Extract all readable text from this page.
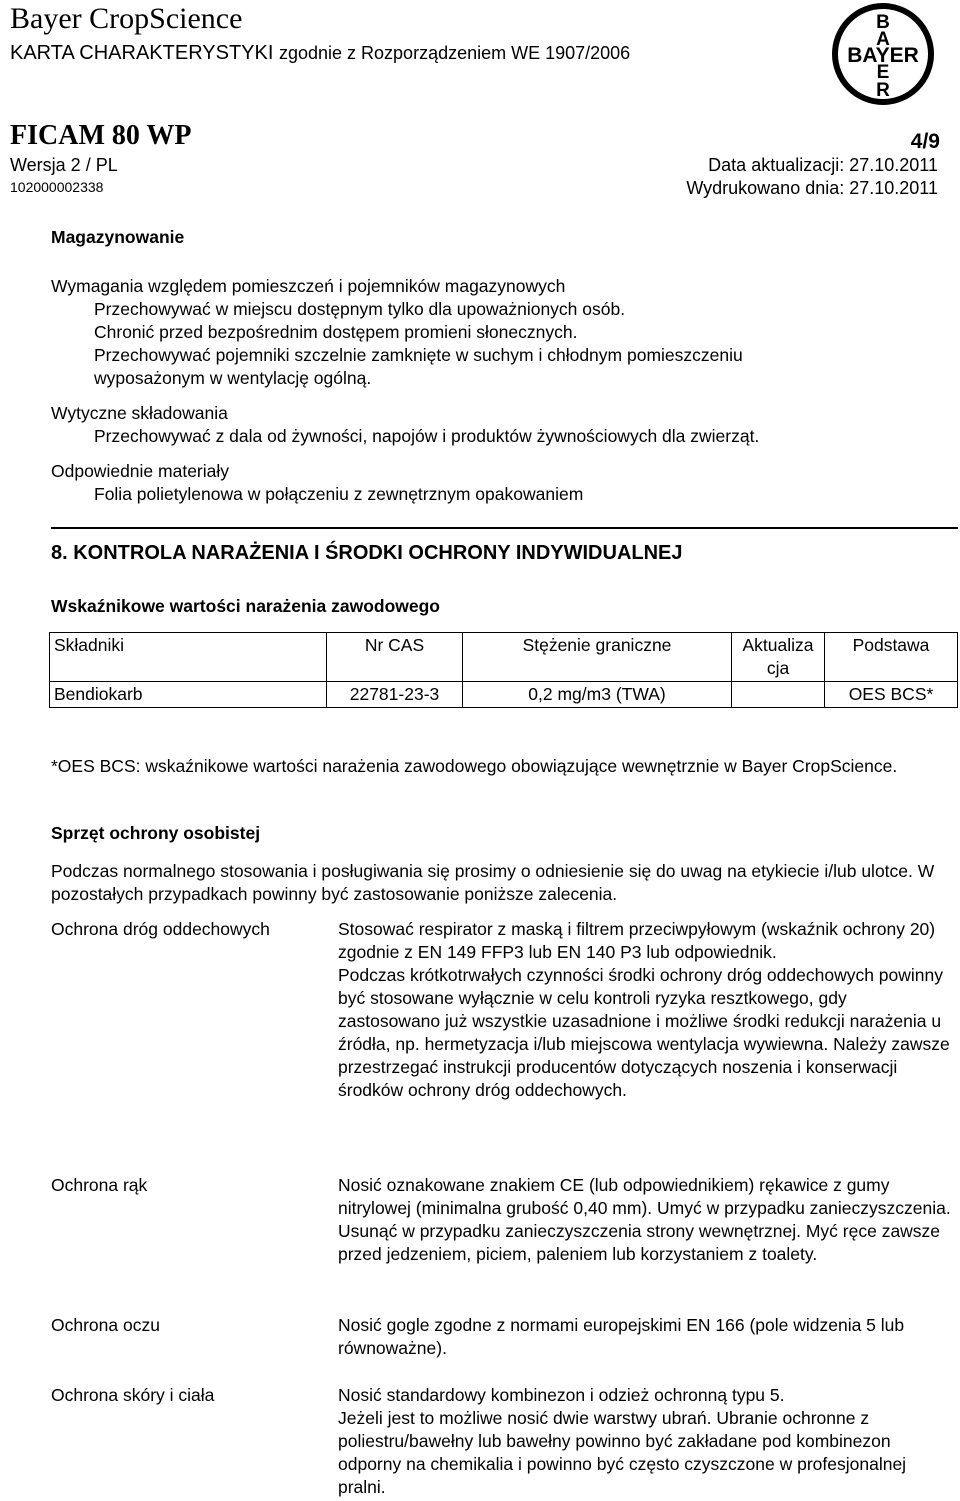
Bayer CropScience
KARTA CHARAKTERYSTYKI zgodnie z Rozporządzeniem WE 1907/2006
FICAM 80 WP
Wersja 2 / PL
102000002338
4/9
Data aktualizacji: 27.10.2011
Wydrukowano dnia: 27.10.2011
B
A
E
R
BAYER
Magazynowanie
Wymagania względem pomieszczeń i pojemników magazynowych
Przechowywać w miejscu dostępnym tylko dla upoważnionych osób.
Chronić przed bezpośrednim dostępem promieni słonecznych.
Przechowywać pojemniki szczelnie zamknięte w suchym i chłodnym pomieszczeniu
wyposażonym w wentylację ogólną.
Wytyczne składowania
Przechowywać z dala od żywności, napojów i produktów żywnościowych dla zwierząt.
Odpowiednie materiały
Folia polietylenowa w połączeniu z zewnętrznym opakowaniem
8. KONTROLA NARAŻENIA I ŚRODKI OCHRONY INDYWIDUALNEJ
Wskaźnikowe wartości narażenia zawodowego
Składniki	Nr CAS	Stężenie graniczne	Aktualiza cja	Podstawa
Bendiokarb	22781-23-3	0,2 mg/m3 (TWA)		OES BCS*
*OES BCS: wskaźnikowe wartości narażenia zawodowego obowiązujące wewnętrznie w Bayer CropScience.
Sprzęt ochrony osobistej
Podczas normalnego stosowania i posługiwania się prosimy o odniesienie się do uwag na etykiecie i/lub ulotce. W pozostałych przypadkach powinny być zastosowanie poniższe zalecenia.
Ochrona dróg oddechowych	Stosować respirator z maską i filtrem przeciwpyłowym (wskaźnik ochrony 20) zgodnie z EN 149 FFP3 lub EN 140 P3 lub odpowiednik.
Podczas krótkotrwałych czynności środki ochrony dróg oddechowych powinny być stosowane wyłącznie w celu kontroli ryzyka resztkowego, gdy zastosowano już wszystkie uzasadnione i możliwe środki redukcji narażenia u źródła, np. hermetyzacja i/lub miejscowa wentylacja wywiewna. Należy zawsze przestrzegać instrukcji producentów dotyczących noszenia i konserwacji środków ochrony dróg oddechowych.
Ochrona rąk	Nosić oznakowane znakiem CE (lub odpowiednikiem) rękawice z gumy nitrylowej (minimalna grubość 0,40 mm). Umyć w przypadku zanieczyszczenia. Usunąć w przypadku zanieczyszczenia strony wewnętrznej. Myć ręce zawsze przed jedzeniem, piciem, paleniem lub korzystaniem z toalety.
Ochrona oczu	Nosić gogle zgodne z normami europejskimi EN 166 (pole widzenia 5 lub równoważne).
Ochrona skóry i ciała	Nosić standardowy kombinezon i odzież ochronną typu 5.
Jeżeli jest to możliwe nosić dwie warstwy ubrań. Ubranie ochronne z poliestru/bawełny lub bawełny powinno być zakładane pod kombinezon odporny na chemikalia i powinno być często czyszczone w profesjonalnej pralni.
